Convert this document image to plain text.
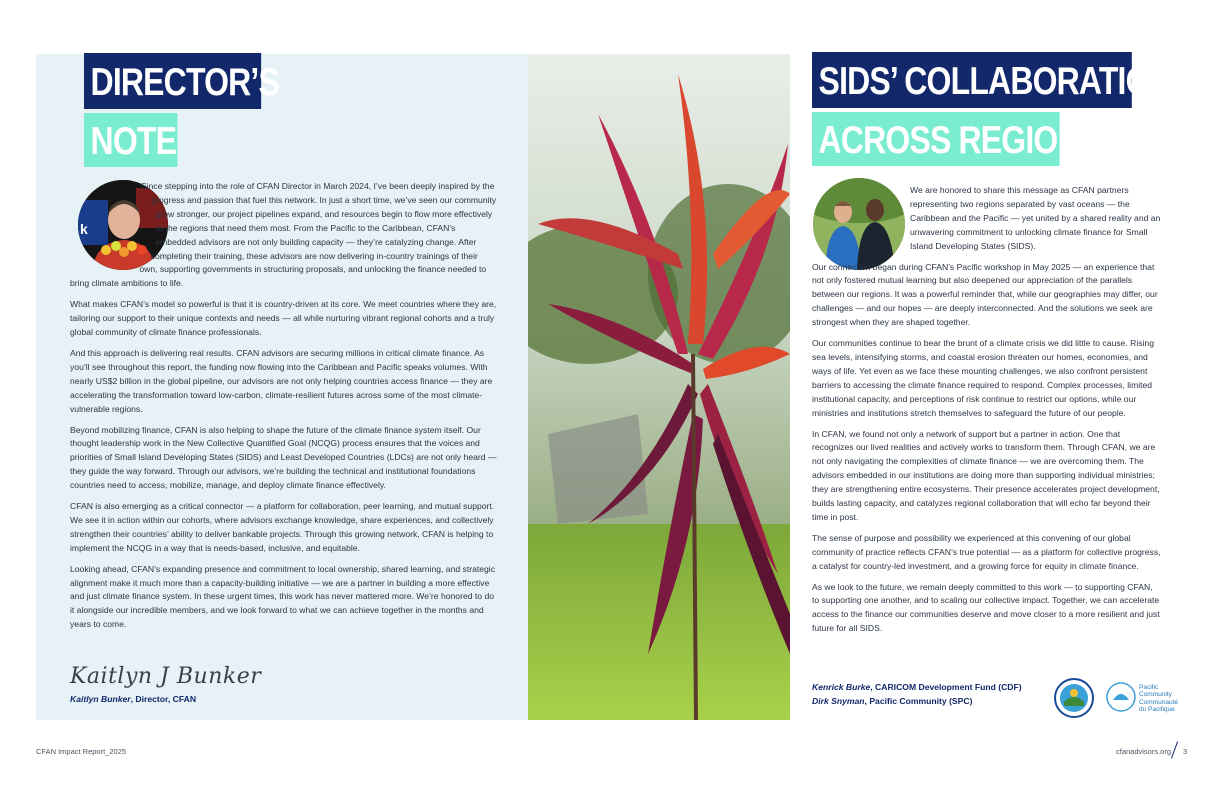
DIRECTOR’S
NOTE
k

Since stepping into the role of CFAN Director in March 2024, I’ve been deeply inspired by the progress and passion that fuel this network. In just a short time, we’ve seen our community grow stronger, our project pipelines expand, and resources begin to flow more effectively to the regions that need them most. From the Pacific to the Caribbean, CFAN’s embedded advisors are not only building capacity — they’re catalyzing change. After completing their training, these advisors are now delivering in-country trainings of their own, supporting governments in structuring proposals, and unlocking the finance needed to bring climate ambitions to life.

What makes CFAN’s model so powerful is that it is country-driven at its core. We meet countries where they are, tailoring our support to their unique contexts and needs — all while nurturing vibrant regional cohorts and a truly global community of climate finance professionals.

And this approach is delivering real results. CFAN advisors are securing millions in critical climate finance. As you’ll see throughout this report, the funding now flowing into the Caribbean and Pacific speaks volumes. With nearly US$2 billion in the global pipeline, our advisors are not only helping countries access finance — they are accelerating the transformation toward low-carbon, climate-resilient futures across some of the most climate-vulnerable regions.

Beyond mobilizing finance, CFAN is also helping to shape the future of the climate finance system itself. Our thought leadership work in the New Collective Quantified Goal (NCQG) process ensures that the voices and priorities of Small Island Developing States (SIDS) and Least Developed Countries (LDCs) are not only heard — they guide the way forward. Through our advisors, we’re building the technical and institutional foundations countries need to access, mobilize, manage, and deploy climate finance effectively.

CFAN is also emerging as a critical connector — a platform for collaboration, peer learning, and mutual support. We see it in action within our cohorts, where advisors exchange knowledge, share experiences, and collectively strengthen their countries’ ability to deliver bankable projects. Through this growing network, CFAN is helping to implement the NCQG in a way that is needs-based, inclusive, and equitable.

Looking ahead, CFAN’s expanding presence and commitment to local ownership, shared learning, and strategic alignment make it much more than a capacity-building initiative — we are a partner in building a more effective and just climate finance system. In these urgent times, this work has never mattered more. We’re honored to do it alongside our incredible members, and we look forward to what we can achieve together in the months and years to come.

Kaitlyn J Bunker
Kaitlyn Bunker, Director, CFAN
SIDS’ COLLABORATION
ACROSS REGIONS

We are honored to share this message as CFAN partners representing two regions separated by vast oceans — the Caribbean and the Pacific — yet united by a shared reality and an unwavering commitment to unlocking climate finance for Small Island Developing States (SIDS).

Our connection began during CFAN’s Pacific workshop in May 2025 — an experience that not only fostered mutual learning but also deepened our appreciation of the parallels between our regions. It was a powerful reminder that, while our geographies may differ, our challenges — and our hopes — are deeply interconnected. And the solutions we seek are strongest when they are shaped together.

Our communities continue to bear the brunt of a climate crisis we did little to cause. Rising sea levels, intensifying storms, and coastal erosion threaten our homes, economies, and ways of life. Yet even as we face these mounting challenges, we also confront persistent barriers to accessing the climate finance required to respond. Complex processes, limited institutional capacity, and perceptions of risk continue to restrict our options, while our ministries and institutions stretch themselves to safeguard the future of our people.

In CFAN, we found not only a network of support but a partner in action. One that recognizes our lived realities and actively works to transform them. Through CFAN, we are not only navigating the complexities of climate finance — we are overcoming them. The advisors embedded in our institutions are doing more than supporting individual ministries; they are strengthening entire ecosystems. Their presence accelerates project development, builds lasting capacity, and catalyzes regional collaboration that will echo far beyond their time in post.

The sense of purpose and possibility we experienced at this convening of our global community of practice reflects CFAN’s true potential — as a platform for collective progress, a catalyst for country-led investment, and a growing force for equity in climate finance.

As we look to the future, we remain deeply committed to this work — to supporting CFAN, to supporting one another, and to scaling our collective impact. Together, we can accelerate access to the finance our communities deserve and move closer to a more resilient and just future for all SIDS.

Kenrick Burke, CARICOM Development Fund (CDF)
Dirk Snyman, Pacific Community (SPC)
Pacific
Community
Communauté
du Pacifique
CFAN Impact Report_2025	cfanadvisors.org 3
